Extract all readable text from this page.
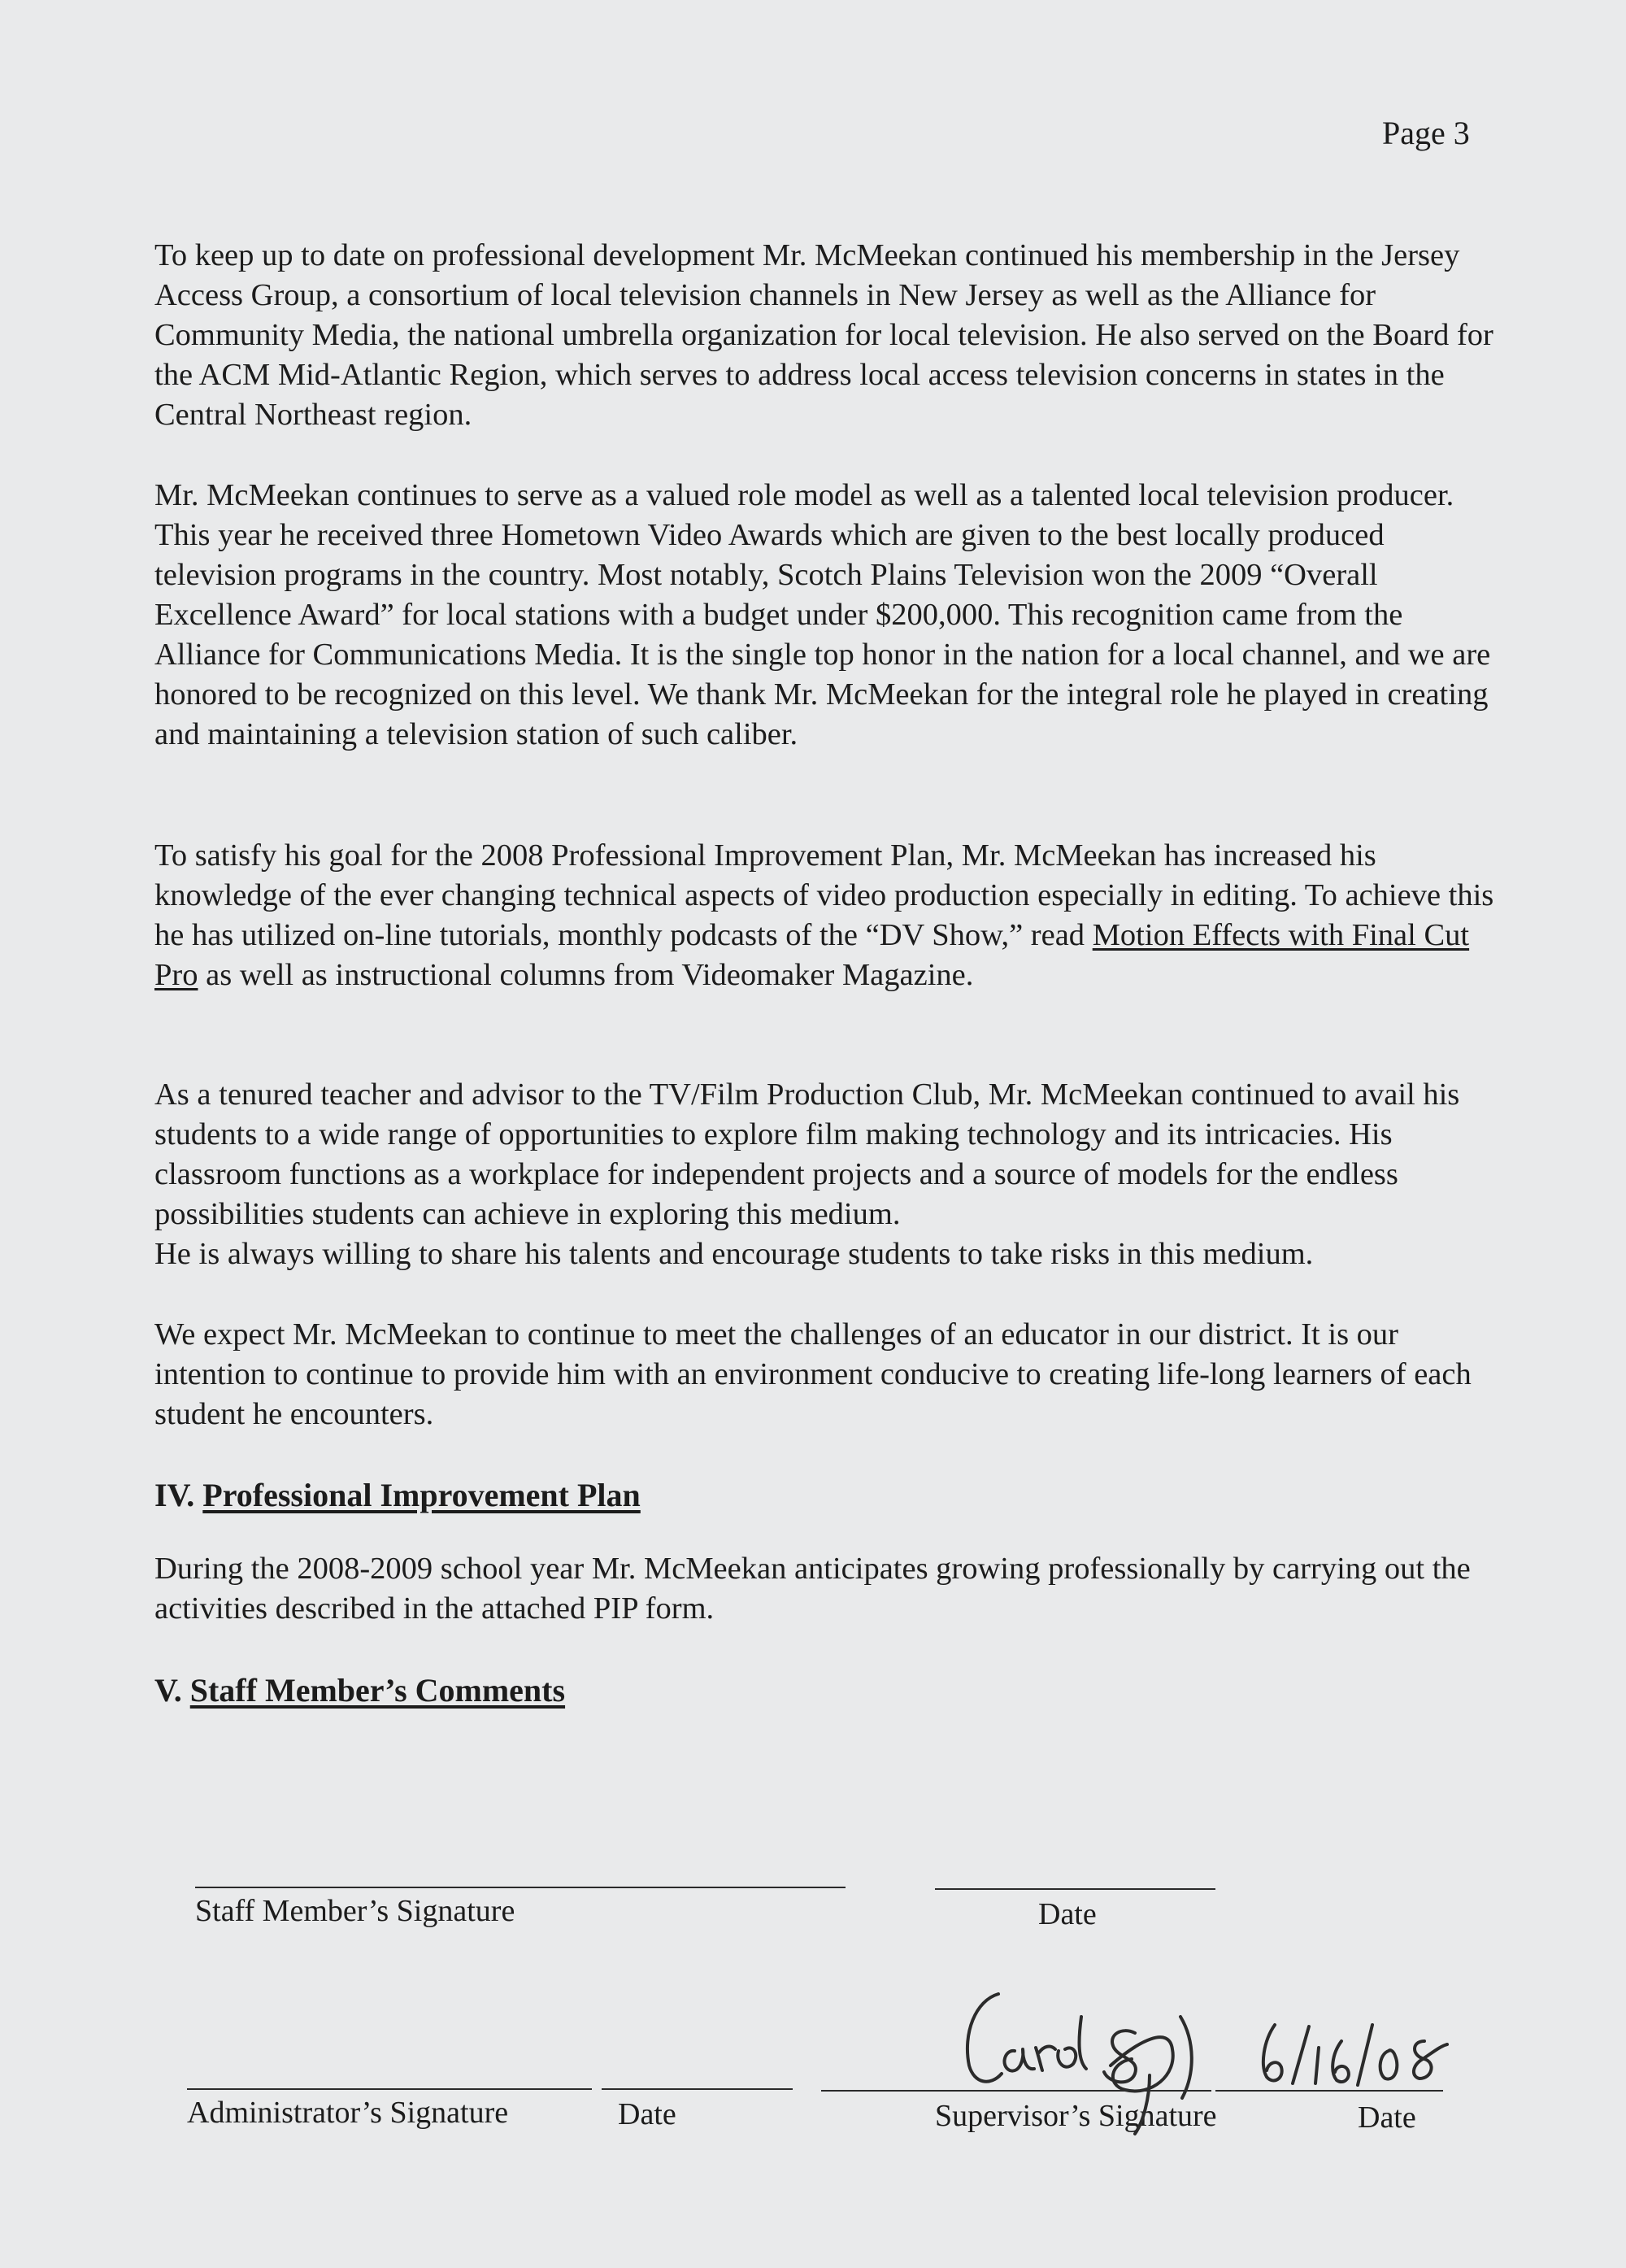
Page 3

To keep up to date on professional development Mr. McMeekan continued his membership in the Jersey Access Group, a consortium of local television channels in New Jersey as well as the Alliance for Community Media, the national umbrella organization for local television. He also served on the Board for the ACM Mid-Atlantic Region, which serves to address local access television concerns in states in the Central Northeast region.

Mr. McMeekan continues to serve as a valued role model as well as a talented local television producer. This year he received three Hometown Video Awards which are given to the best locally produced television programs in the country. Most notably, Scotch Plains Television won the 2009 “Overall Excellence Award” for local stations with a budget under $200,000. This recognition came from the Alliance for Communications Media. It is the single top honor in the nation for a local channel, and we are honored to be recognized on this level. We thank Mr. McMeekan for the integral role he played in creating and maintaining a television station of such caliber.

To satisfy his goal for the 2008 Professional Improvement Plan, Mr. McMeekan has increased his knowledge of the ever changing technical aspects of video production especially in editing. To achieve this he has utilized on-line tutorials, monthly podcasts of the “DV Show,” read Motion Effects with Final Cut Pro as well as instructional columns from Videomaker Magazine.

As a tenured teacher and advisor to the TV/Film Production Club, Mr. McMeekan continued to avail his students to a wide range of opportunities to explore film making technology and its intricacies. His classroom functions as a workplace for independent projects and a source of models for the endless possibilities students can achieve in exploring this medium.

He is always willing to share his talents and encourage students to take risks in this medium.

We expect Mr. McMeekan to continue to meet the challenges of an educator in our district. It is our intention to continue to provide him with an environment conducive to creating life-long learners of each student he encounters.

IV. Professional Improvement Plan

During the 2008-2009 school year Mr. McMeekan anticipates growing professionally by carrying out the activities described in the attached PIP form.

V. Staff Member’s Comments
Staff Member’s Signature	Date
Administrator’s Signature	Date	Supervisor’s Signature	Date
